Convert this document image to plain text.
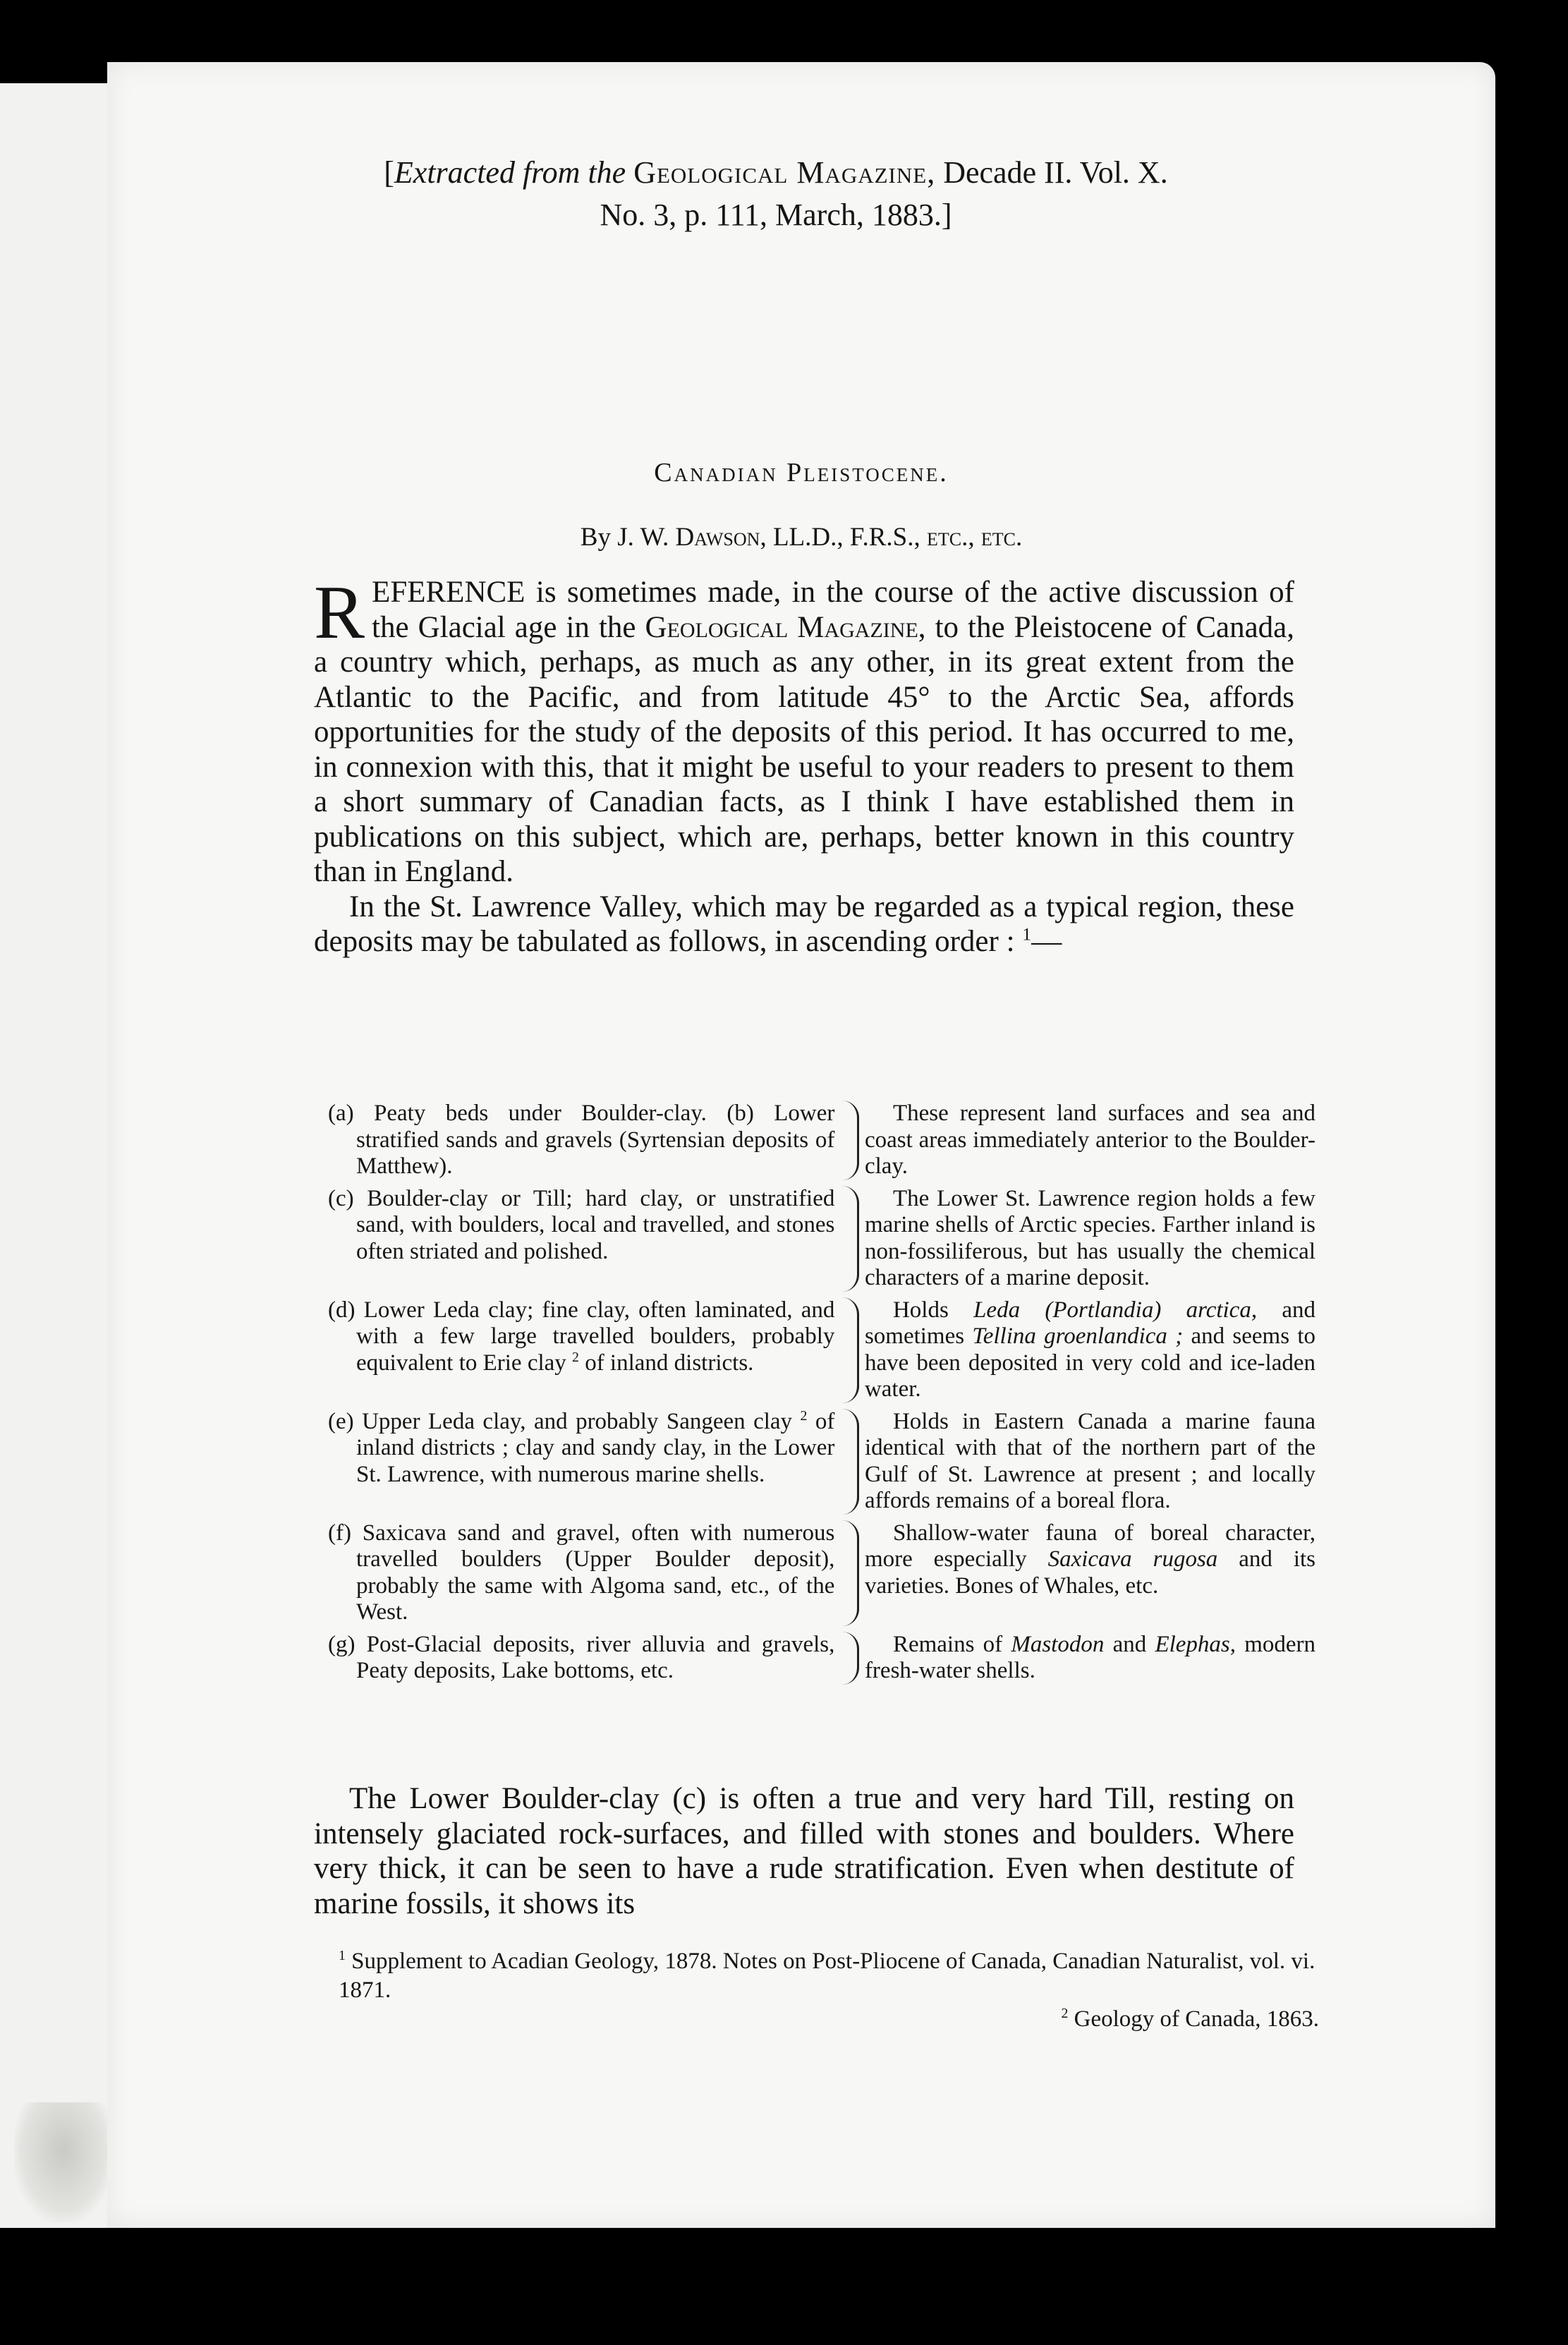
[Extracted from the Geological Magazine, Decade II. Vol. X.
No. 3, p. 111, March, 1883.]
Canadian Pleistocene.
By J. W. Dawson, LL.D., F.R.S., etc., etc.

REFERENCE is sometimes made, in the course of the active discussion of the Glacial age in the Geological Magazine, to the Pleistocene of Canada, a country which, perhaps, as much as any other, in its great extent from the Atlantic to the Pacific, and from latitude 45° to the Arctic Sea, affords opportunities for the study of the deposits of this period. It has occurred to me, in connexion with this, that it might be useful to your readers to present to them a short summary of Canadian facts, as I think I have established them in publications on this subject, which are, perhaps, better known in this country than in England.

In the St. Lawrence Valley, which may be regarded as a typical region, these deposits may be tabulated as follows, in ascending order : $^1$—

(a) Peaty beds under Boulder-clay. (b) Lower stratified sands and gravels (Syrtensian deposits of Matthew).
These represent land surfaces and sea and coast areas immediately anterior to the Boulder-clay.
(c) Boulder-clay or Till; hard clay, or unstratified sand, with boulders, local and travelled, and stones often striated and polished.
The Lower St. Lawrence region holds a few marine shells of Arctic species. Farther inland is non-fossiliferous, but has usually the chemical characters of a marine deposit.
(d) Lower Leda clay; fine clay, often laminated, and with a few large travelled boulders, probably equivalent to Erie clay $^2$ of inland districts.
Holds Leda (Portlandia) arctica, and sometimes Tellina groenlandica ; and seems to have been deposited in very cold and ice-laden water.
(e) Upper Leda clay, and probably Sangeen clay $^2$ of inland districts ; clay and sandy clay, in the Lower St. Lawrence, with numerous marine shells.
Holds in Eastern Canada a marine fauna identical with that of the northern part of the Gulf of St. Lawrence at present ; and locally affords remains of a boreal flora.
(f) Saxicava sand and gravel, often with numerous travelled boulders (Upper Boulder deposit), probably the same with Algoma sand, etc., of the West.
Shallow-water fauna of boreal character, more especially Saxicava rugosa and its varieties. Bones of Whales, etc.
(g) Post-Glacial deposits, river alluvia and gravels, Peaty deposits, Lake bottoms, etc.
Remains of Mastodon and Elephas, modern fresh-water shells.
The Lower Boulder-clay (c) is often a true and very hard Till, resting on intensely glaciated rock-surfaces, and filled with stones and boulders. Where very thick, it can be seen to have a rude stratification. Even when destitute of marine fossils, it shows its

$^1$ Supplement to Acadian Geology, 1878. Notes on Post-Pliocene of Canada, Canadian Naturalist, vol. vi. 1871.

$^2$ Geology of Canada, 1863.
